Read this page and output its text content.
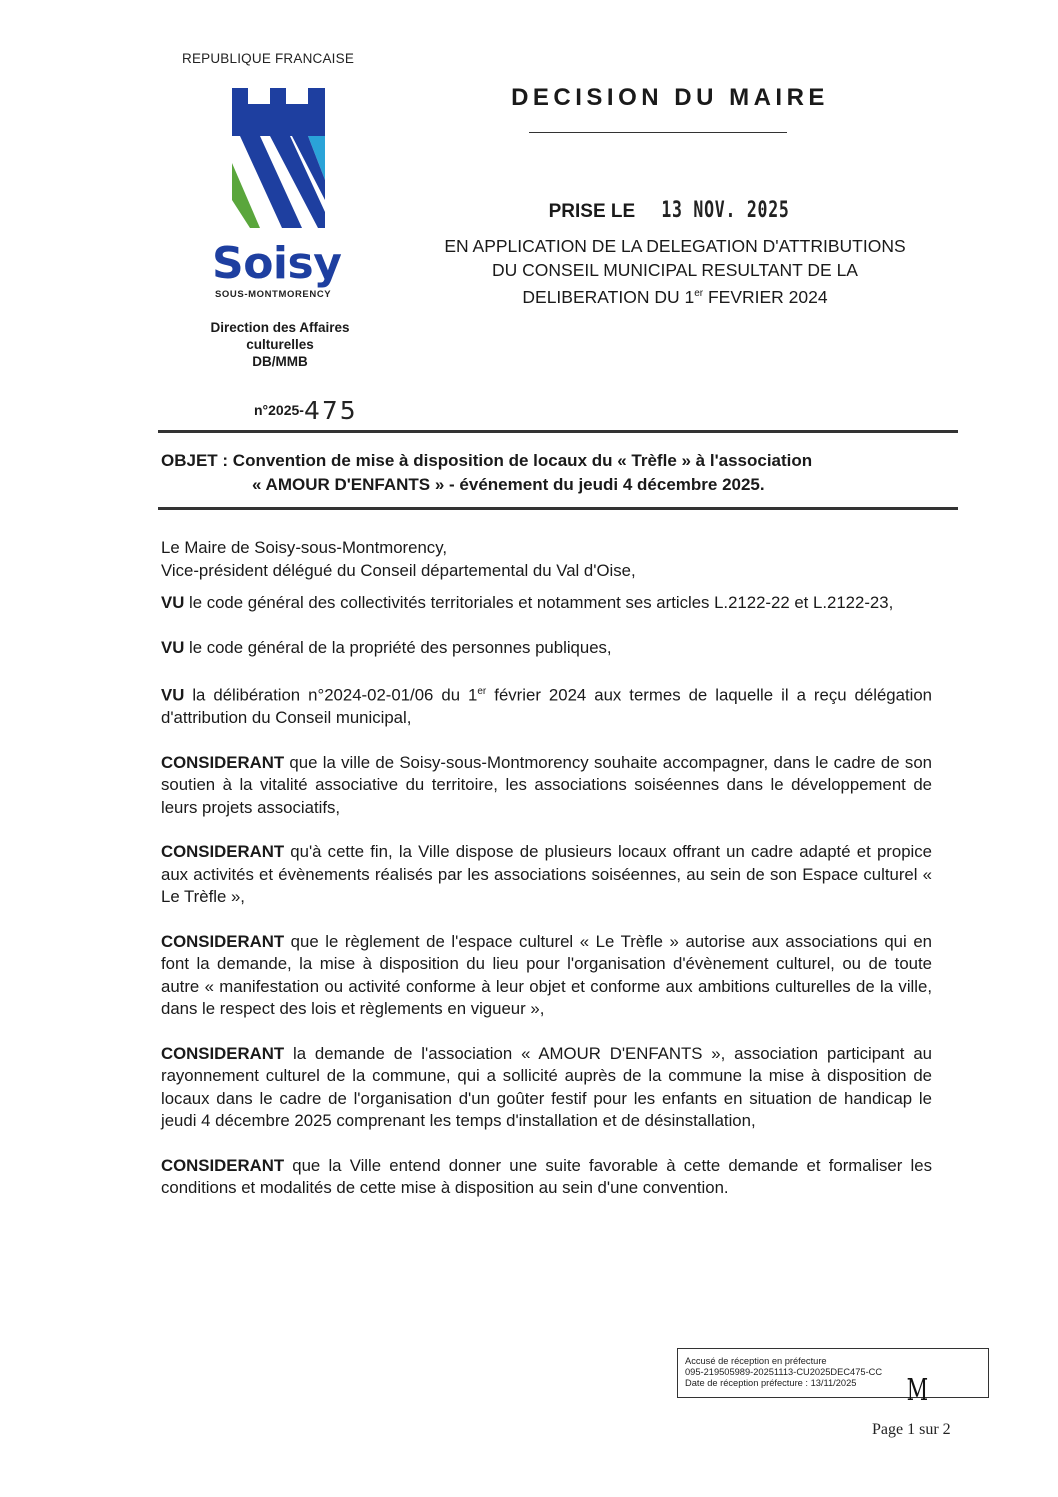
REPUBLIQUE FRANCAISE
Soisy
SOUS-MONTMORENCY
Direction des Affaires
culturelles
DB/MMB
n°2025-475
DECISION DU MAIRE
PRISE LE 13 NOV. 2025
EN APPLICATION DE LA DELEGATION D'ATTRIBUTIONS
DU CONSEIL MUNICIPAL RESULTANT DE LA
DELIBERATION DU 1er FEVRIER 2024
OBJET : Convention de mise à disposition de locaux du « Trèfle » à l'association
« AMOUR D'ENFANTS » - événement du jeudi 4 décembre 2025.

Le Maire de Soisy-sous-Montmorency,

Vice-président délégué du Conseil départemental du Val d'Oise,

VU le code général des collectivités territoriales et notamment ses articles L.2122-22 et L.2122-23,

VU le code général de la propriété des personnes publiques,

VU la délibération n°2024-02-01/06 du 1er février 2024 aux termes de laquelle il a reçu délégation d'attribution du Conseil municipal,

CONSIDERANT que la ville de Soisy-sous-Montmorency souhaite accompagner, dans le cadre de son soutien à la vitalité associative du territoire, les associations soiséennes dans le développement de leurs projets associatifs,

CONSIDERANT qu'à cette fin, la Ville dispose de plusieurs locaux offrant un cadre adapté et propice aux activités et évènements réalisés par les associations soiséennes, au sein de son Espace culturel « Le Trèfle »,

CONSIDERANT que le règlement de l'espace culturel « Le Trèfle » autorise aux associations qui en font la demande, la mise à disposition du lieu pour l'organisation d'évènement culturel, ou de toute autre « manifestation ou activité conforme à leur objet et conforme aux ambitions culturelles de la ville, dans le respect des lois et règlements en vigueur »,

CONSIDERANT la demande de l'association « AMOUR D'ENFANTS », association participant au rayonnement culturel de la commune, qui a sollicité auprès de la commune la mise à disposition de locaux dans le cadre de l'organisation d'un goûter festif pour les enfants en situation de handicap le jeudi 4 décembre 2025 comprenant les temps d'installation et de désinstallation,

CONSIDERANT que la Ville entend donner une suite favorable à cette demande et formaliser les conditions et modalités de cette mise à disposition au sein d'une convention.

Accusé de réception en préfecture
095-219505989-20251113-CU2025DEC475-CC
Date de réception préfecture : 13/11/2025	M
Page 1 sur 2
